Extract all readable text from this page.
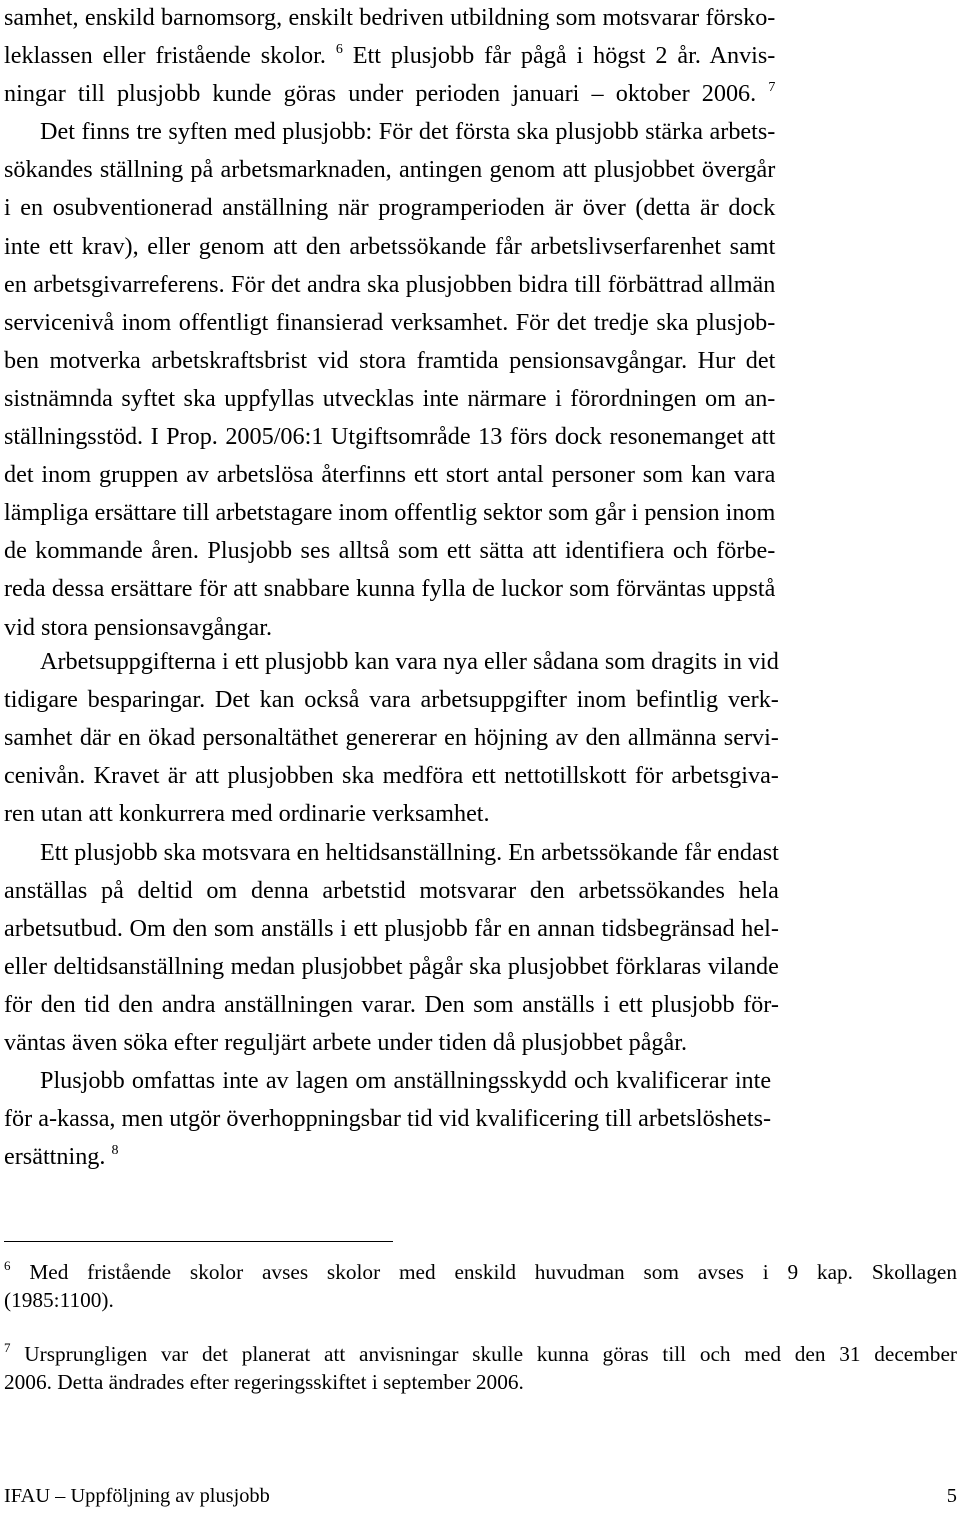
samhet, enskild barnomsorg, enskilt bedriven utbildning som motsvarar försko-
leklassen eller fristående skolor. $^6$ Ett plusjobb får pågå i högst 2 år. Anvis-
ningar till plusjobb kunde göras under perioden januari – oktober 2006. $^7$
Det finns tre syften med plusjobb: För det första ska plusjobb stärka arbets-
sökandes ställning på arbetsmarknaden, antingen genom att plusjobbet övergår
i en osubventionerad anställning när programperioden är över (detta är dock
inte ett krav), eller genom att den arbetssökande får arbetslivserfarenhet samt
en arbetsgivarreferens. För det andra ska plusjobben bidra till förbättrad allmän
servicenivå inom offentligt finansierad verksamhet. För det tredje ska plusjob-
ben motverka arbetskraftsbrist vid stora framtida pensionsavgångar. Hur det
sistnämnda syftet ska uppfyllas utvecklas inte närmare i förordningen om an-
ställningsstöd. I Prop. 2005/06:1 Utgiftsområde 13 förs dock resonemanget att
det inom gruppen av arbetslösa återfinns ett stort antal personer som kan vara
lämpliga ersättare till arbetstagare inom offentlig sektor som går i pension inom
de kommande åren. Plusjobb ses alltså som ett sätta att identifiera och förbe-
reda dessa ersättare för att snabbare kunna fylla de luckor som förväntas uppstå
vid stora pensionsavgångar.
Arbetsuppgifterna i ett plusjobb kan vara nya eller sådana som dragits in vid
tidigare besparingar. Det kan också vara arbetsuppgifter inom befintlig verk-
samhet där en ökad personaltäthet genererar en höjning av den allmänna servi-
cenivån. Kravet är att plusjobben ska medföra ett nettotillskott för arbetsgiva-
ren utan att konkurrera med ordinarie verksamhet.
Ett plusjobb ska motsvara en heltidsanställning. En arbetssökande får endast
anställas på deltid om denna arbetstid motsvarar den arbetssökandes hela
arbetsutbud. Om den som anställs i ett plusjobb får en annan tidsbegränsad hel-
eller deltidsanställning medan plusjobbet pågår ska plusjobbet förklaras vilande
för den tid den andra anställningen varar. Den som anställs i ett plusjobb för-
väntas även söka efter reguljärt arbete under tiden då plusjobbet pågår.
Plusjobb omfattas inte av lagen om anställningsskydd och kvalificerar inte
för a-kassa, men utgör överhoppningsbar tid vid kvalificering till arbetslöshets-
ersättning. $^8$
$^6$ Med fristående skolor avses skolor med enskild huvudman som avses i 9 kap. Skollagen
(1985:1100).
$^7$ Ursprungligen var det planerat att anvisningar skulle kunna göras till och med den 31 december
2006. Detta ändrades efter regeringsskiftet i september 2006.
IFAU – Uppföljning av plusjobb	5
